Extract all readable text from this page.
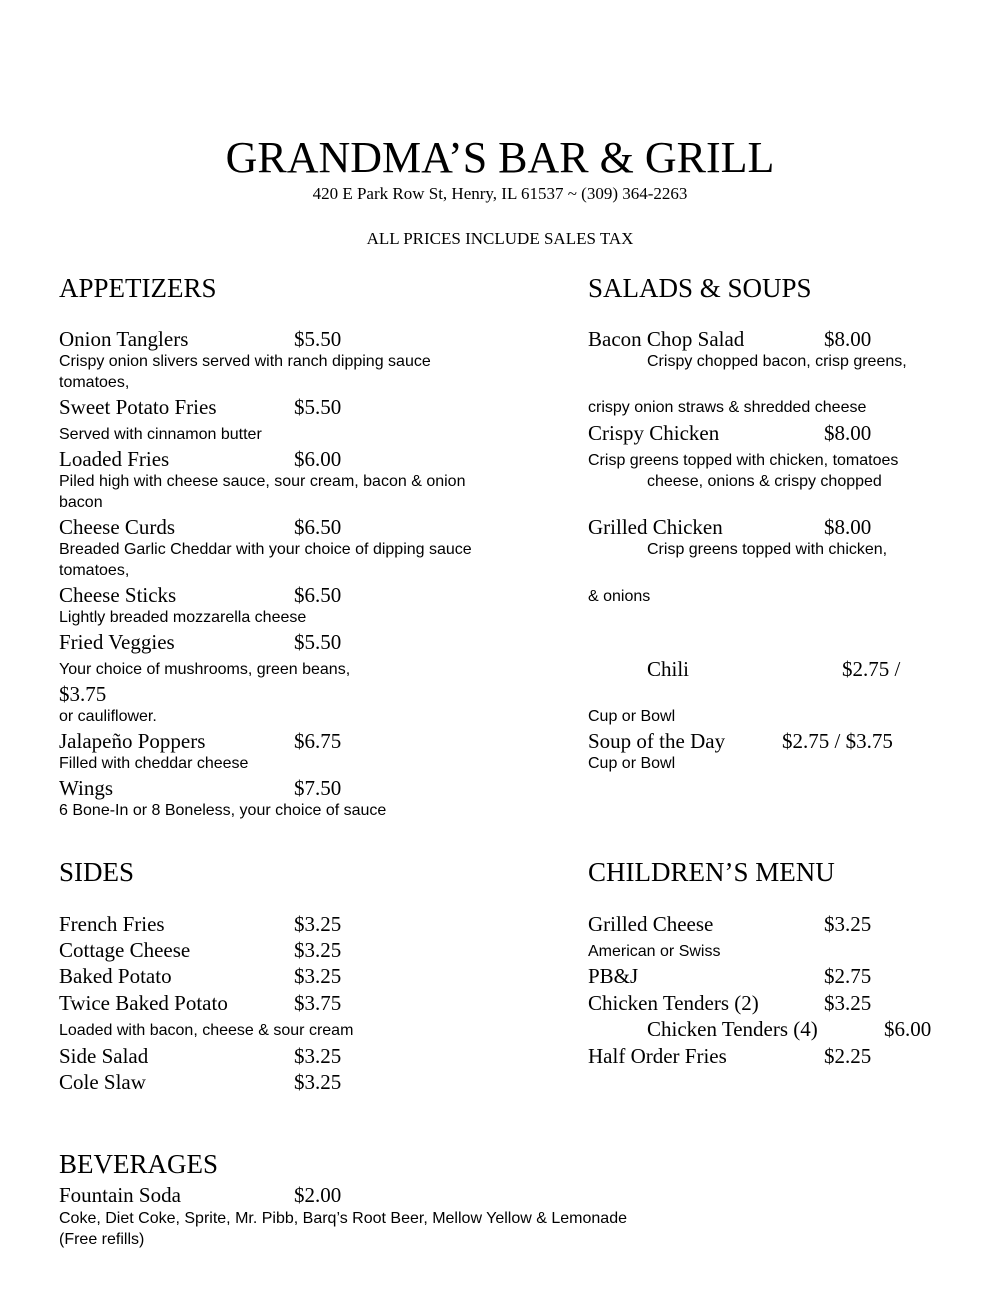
GRANDMA’S BAR & GRILL
420 E Park Row St, Henry, IL 61537 ~ (309) 364-2263
ALL PRICES INCLUDE SALES TAX
APPETIZERS
Onion Tanglers	$5.50
Crispy onion slivers served with ranch dipping sauce
tomatoes,
Sweet Potato Fries	$5.50
Served with cinnamon butter
Loaded Fries	$6.00
Piled high with cheese sauce, sour cream, bacon & onion
bacon
Cheese Curds	$6.50
Breaded Garlic Cheddar with your choice of dipping sauce
tomatoes,
Cheese Sticks	$6.50
Lightly breaded mozzarella cheese
Fried Veggies	$5.50
Your choice of mushrooms, green beans,
$3.75
or cauliflower.
Jalapeño Poppers	$6.75
Filled with cheddar cheese
Wings	$7.50
6 Bone-In or 8 Boneless, your choice of sauce
SALADS & SOUPS
Bacon Chop Salad	$8.00
Crispy chopped bacon, crisp greens,
crispy onion straws & shredded cheese
Crispy Chicken	$8.00
Crisp greens topped with chicken, tomatoes
cheese, onions & crispy chopped
Grilled Chicken	$8.00
Crisp greens topped with chicken,
& onions
Chili	$2.75 /
Cup or Bowl
Soup of the Day	$2.75 / $3.75
Cup or Bowl
SIDES
French Fries	$3.25
Cottage Cheese	$3.25
Baked Potato	$3.25
Twice Baked Potato	$3.75
Loaded with bacon, cheese & sour cream
Side Salad	$3.25
Cole Slaw	$3.25
CHILDREN’S MENU
Grilled Cheese	$3.25
American or Swiss
PB&J	$2.75
Chicken Tenders (2)	$3.25
Chicken Tenders (4)	$6.00
Half Order Fries	$2.25
BEVERAGES
Fountain Soda	$2.00
Coke, Diet Coke, Sprite, Mr. Pibb, Barq’s Root Beer, Mellow Yellow & Lemonade
(Free refills)
